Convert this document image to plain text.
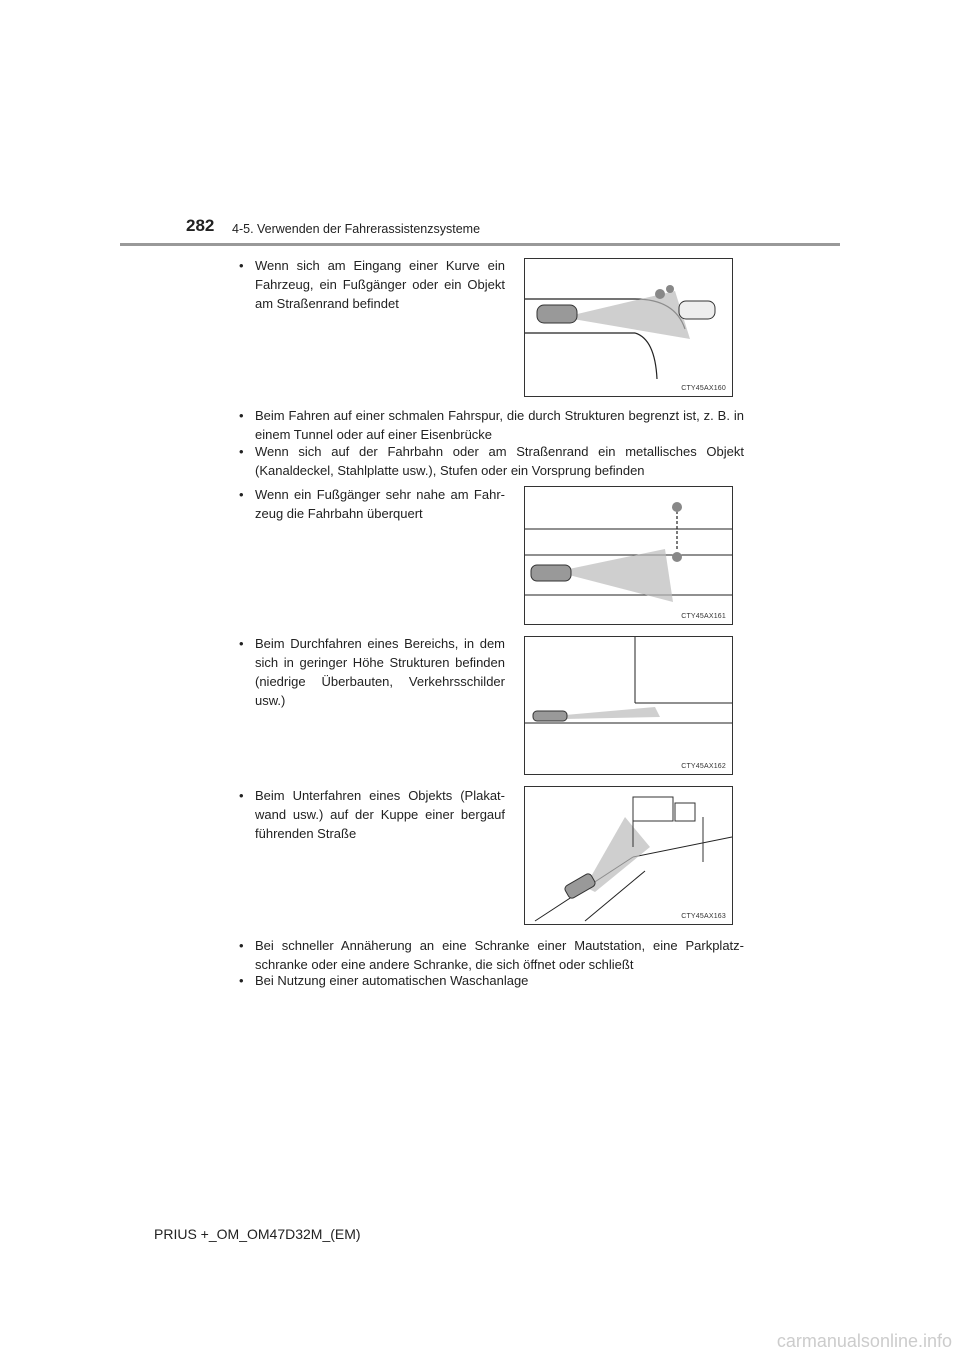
282 4-5. Verwenden der Fahrerassistenzsysteme
• Wenn sich am Eingang einer Kurve ein Fahrzeug, ein Fußgänger oder ein Objekt am Straßenrand befindet
CTY45AX160
• Beim Fahren auf einer schmalen Fahrspur, die durch Strukturen begrenzt ist, z. B. in einem Tunnel oder auf einer Eisenbrücke
• Wenn sich auf der Fahrbahn oder am Straßenrand ein metallisches Objekt (Kanaldeckel, Stahlplatte usw.), Stufen oder ein Vorsprung befinden
• Wenn ein Fußgänger sehr nahe am Fahr-zeug die Fahrbahn überquert
CTY45AX161
• Beim Durchfahren eines Bereichs, in dem sich in geringer Höhe Strukturen befinden (niedrige Überbauten, Verkehrsschilder usw.)
CTY45AX162
• Beim Unterfahren eines Objekts (Plakat-wand usw.) auf der Kuppe einer bergauf führenden Straße
CTY45AX163
• Bei schneller Annäherung an eine Schranke einer Mautstation, eine Parkplatz-schranke oder eine andere Schranke, die sich öffnet oder schließt
• Bei Nutzung einer automatischen Waschanlage
PRIUS +_OM_OM47D32M_(EM)
carmanualsonline.info
